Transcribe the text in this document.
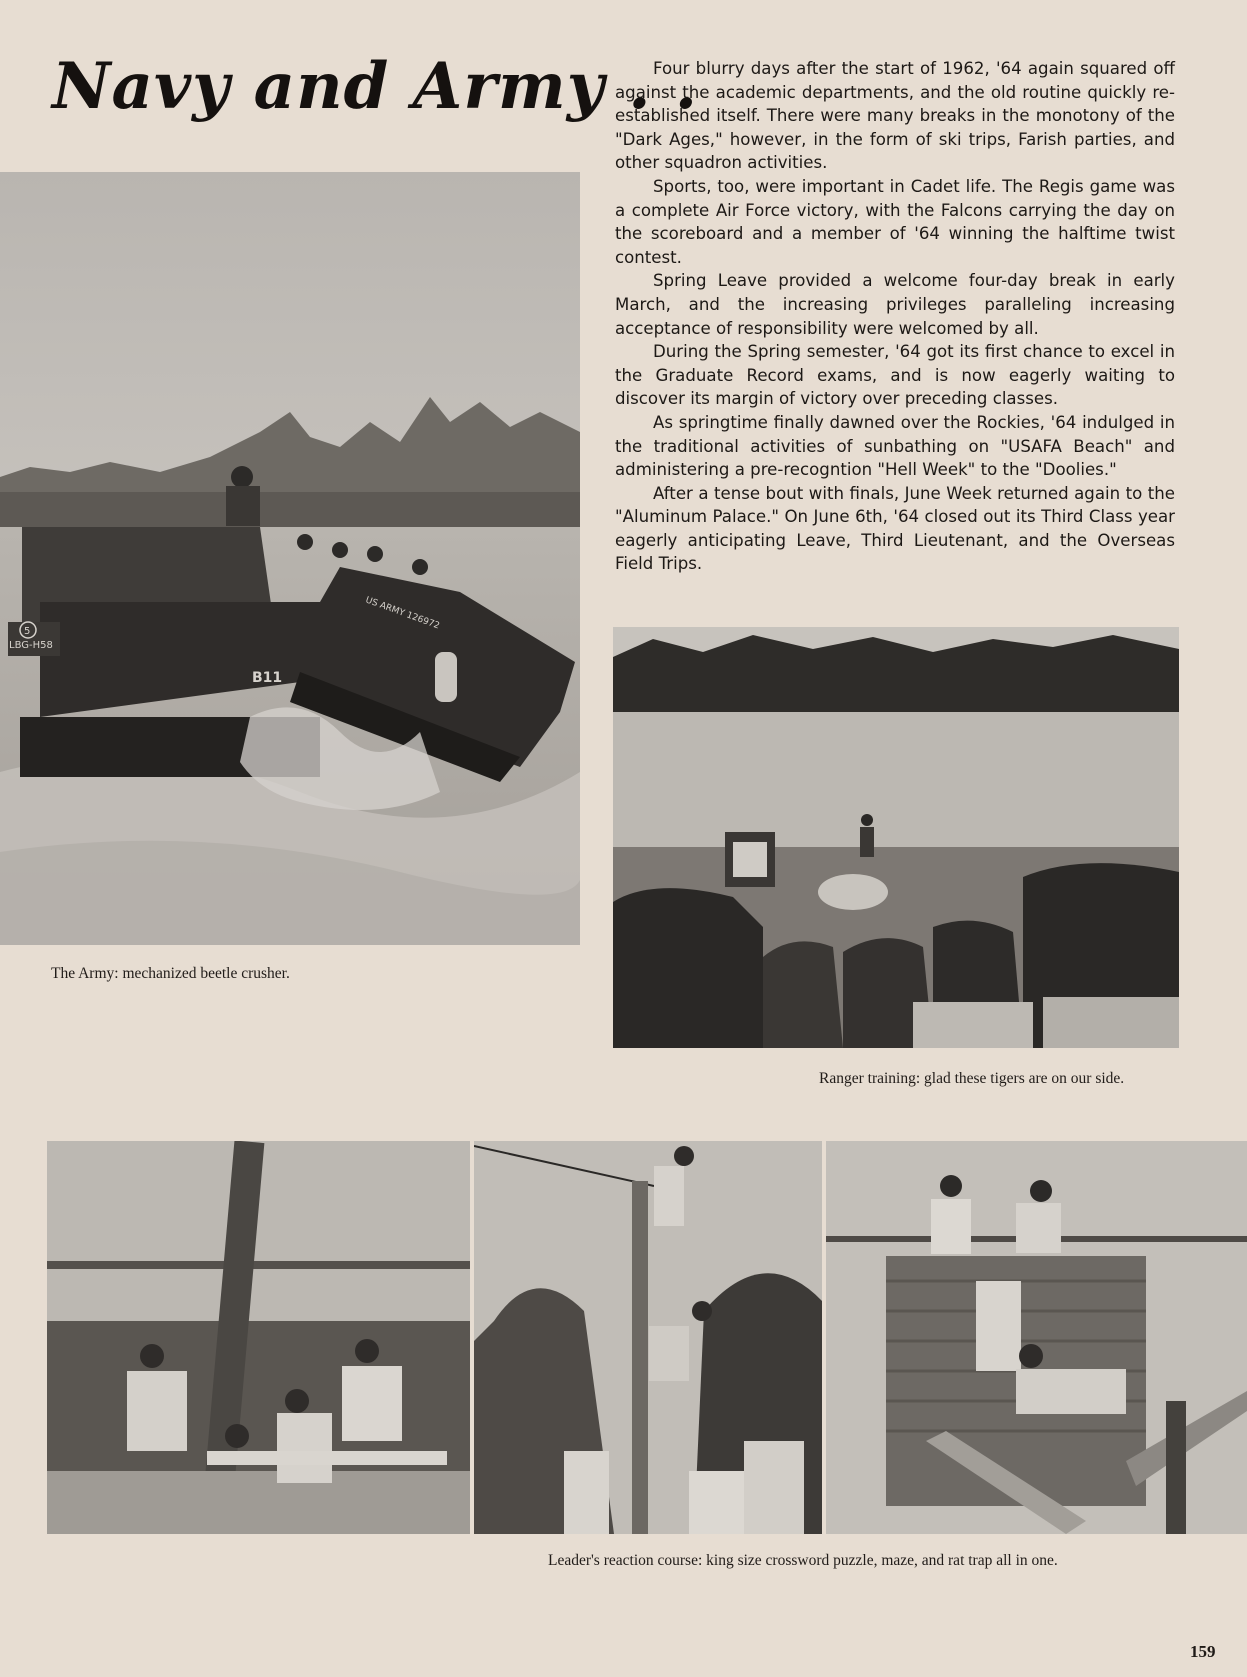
Navy and Army . .

Four blurry days after the start of 1962, '64 again squared off against the academic departments, and the old routine quickly re-established itself. There were many breaks in the monotony of the "Dark Ages," however, in the form of ski trips, Farish parties, and other squadron activities.

Sports, too, were important in Cadet life. The Regis game was a complete Air Force victory, with the Falcons carrying the day on the scoreboard and a member of '64 winning the halftime twist contest.

Spring Leave provided a welcome four-day break in early March, and the increasing privileges paralleling increasing acceptance of responsibility were welcomed by all.

During the Spring semester, '64 got its first chance to excel in the Graduate Record exams, and is now eagerly waiting to discover its margin of victory over preceding classes.

As springtime finally dawned over the Rockies, '64 indulged in the traditional activities of sunbathing on "USAFA Beach" and administering a pre-recogntion "Hell Week" to the "Doolies."

After a tense bout with finals, June Week returned again to the "Aluminum Palace." On June 6th, '64 closed out its Third Class year eagerly anticipating Leave, Third Lieutenant, and the Overseas Field Trips.

B11
LBG-H58
5	US ARMY 126972
The Army: mechanized beetle crusher.
Ranger training: glad these tigers are on our side.
Leader's reaction course: king size crossword puzzle, maze, and rat trap all in one.
159
